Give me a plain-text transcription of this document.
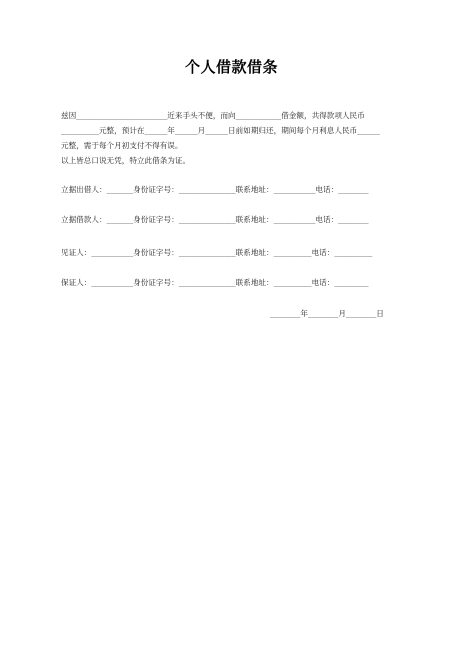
个人借款借条
兹因________________________近来手头不便，而向____________借金额，共得款项人民币
__________元整，预计在______年______月______日前如期归还，期间每个月利息人民币______
元整，需于每个月初支付不得有误。
以上皆总口说无凭，特立此借条为证。
立据出借人：_______身份证字号：_______________联系地址：___________电话：________
立据借款人：_______身份证字号：_______________联系地址：___________电话：________
见证人：___________身份证字号：_______________联系地址：__________电话：__________
保证人：___________身份证字号：_______________联系地址：__________电话：_________
________年________月________日
